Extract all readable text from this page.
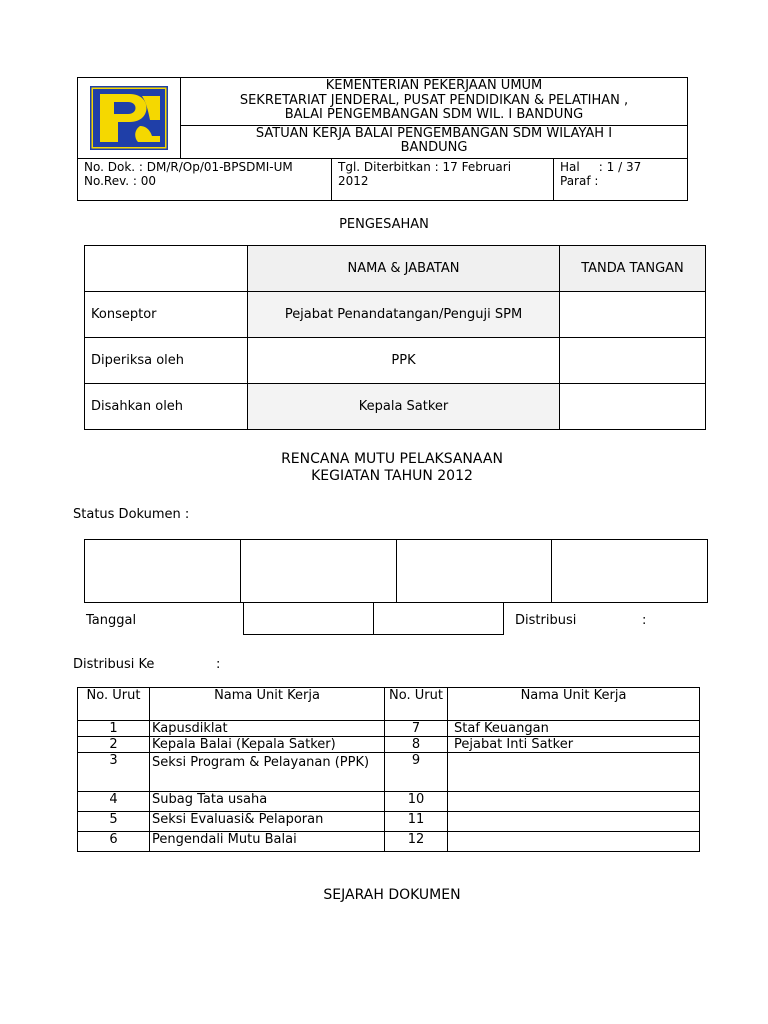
KEMENTERIAN PEKERJAAN UMUM
SEKRETARIAT JENDERAL, PUSAT PENDIDIKAN & PELATIHAN ,
BALAI PENGEMBANGAN SDM WIL. I BANDUNG
SATUAN KERJA BALAI PENGEMBANGAN SDM WILAYAH I
BANDUNG
No. Dok. : DM/R/Op/01-BPSDMI-UM
No.Rev. : 00
Tgl. Diterbitkan : 17 Februari
2012
Hal     : 1 / 37
Paraf :
PENGESAHAN
	NAMA & JABATAN	TANDA TANGAN
Konseptor	Pejabat Penandatangan/Penguji SPM	
Diperiksa oleh	PPK	
Disahkan oleh	Kepala Satker	
RENCANA MUTU PELAKSANAAN
KEGIATAN TAHUN 2012
Status Dokumen :

Tanggal
		Distribusi	:
Distribusi Ke	:
No. Urut	Nama Unit Kerja	No. Urut	Nama Unit Kerja
1	Kapusdiklat	7	Staf Keuangan
2	Kepala Balai (Kepala Satker)	8	Pejabat Inti Satker
3	Seksi Program & Pelayanan (PPK)	9	
4	Subag Tata usaha	10	
5	Seksi Evaluasi& Pelaporan	11	
6	Pengendali Mutu Balai	12	
SEJARAH DOKUMEN
